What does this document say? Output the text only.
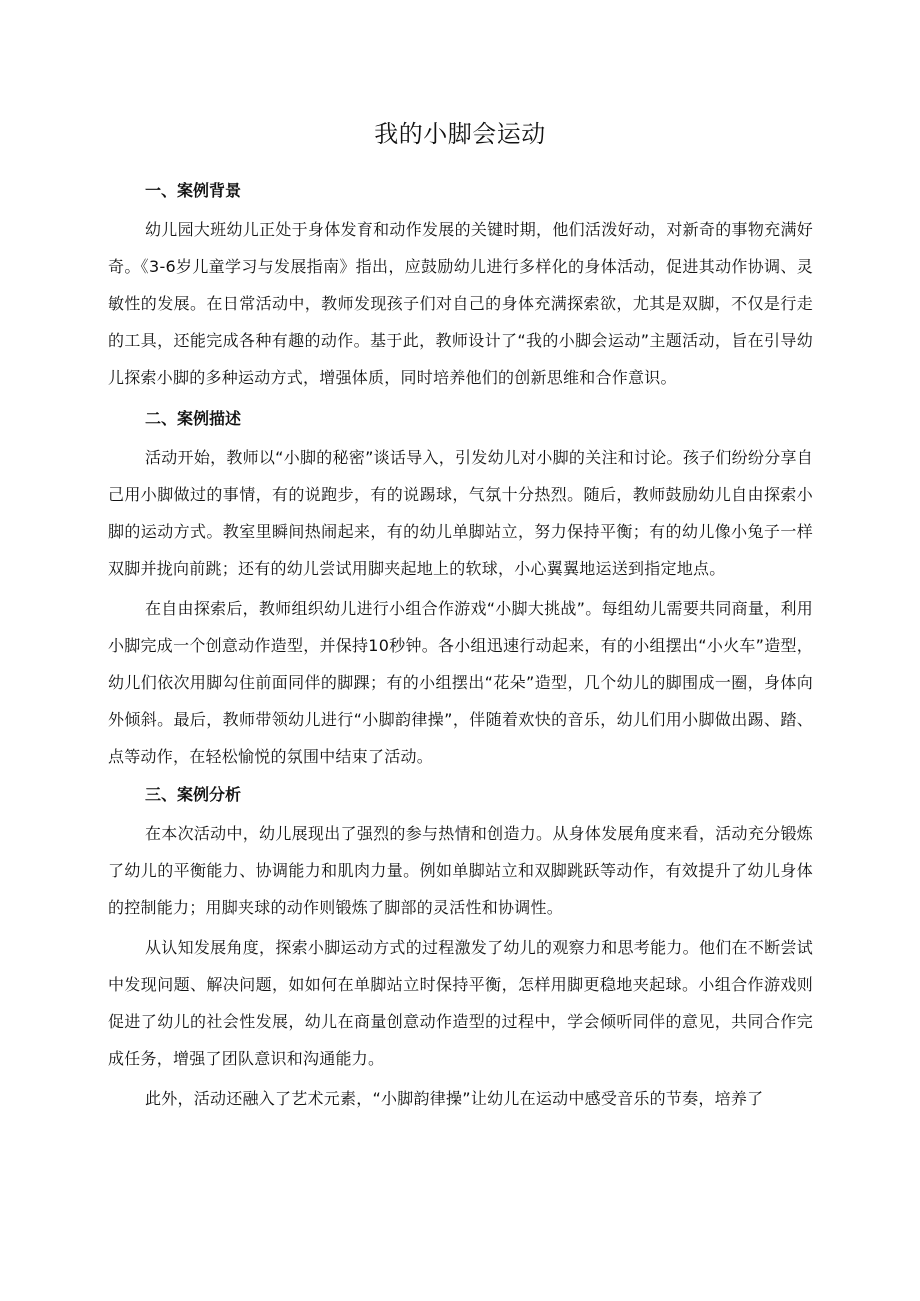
我的小脚会运动
一、案例背景

幼儿园大班幼儿正处于身体发育和动作发展的关键时期，他们活泼好动，对新奇的事物充满好奇。《3-6岁儿童学习与发展指南》指出，应鼓励幼儿进行多样化的身体活动，促进其动作协调、灵敏性的发展。在日常活动中，教师发现孩子们对自己的身体充满探索欲，尤其是双脚，不仅是行走的工具，还能完成各种有趣的动作。基于此，教师设计了“我的小脚会运动”主题活动，旨在引导幼儿探索小脚的多种运动方式，增强体质，同时培养他们的创新思维和合作意识。

二、案例描述

活动开始，教师以“小脚的秘密”谈话导入，引发幼儿对小脚的关注和讨论。孩子们纷纷分享自己用小脚做过的事情，有的说跑步，有的说踢球，气氛十分热烈。随后，教师鼓励幼儿自由探索小脚的运动方式。教室里瞬间热闹起来，有的幼儿单脚站立，努力保持平衡；有的幼儿像小兔子一样双脚并拢向前跳；还有的幼儿尝试用脚夹起地上的软球，小心翼翼地运送到指定地点。

在自由探索后，教师组织幼儿进行小组合作游戏“小脚大挑战”。每组幼儿需要共同商量，利用小脚完成一个创意动作造型，并保持10秒钟。各小组迅速行动起来，有的小组摆出“小火车”造型，幼儿们依次用脚勾住前面同伴的脚踝；有的小组摆出“花朵”造型，几个幼儿的脚围成一圈，身体向外倾斜。最后，教师带领幼儿进行“小脚韵律操”，伴随着欢快的音乐，幼儿们用小脚做出踢、踏、点等动作，在轻松愉悦的氛围中结束了活动。

三、案例分析

在本次活动中，幼儿展现出了强烈的参与热情和创造力。从身体发展角度来看，活动充分锻炼了幼儿的平衡能力、协调能力和肌肉力量。例如单脚站立和双脚跳跃等动作，有效提升了幼儿身体的控制能力；用脚夹球的动作则锻炼了脚部的灵活性和协调性。

从认知发展角度，探索小脚运动方式的过程激发了幼儿的观察力和思考能力。他们在不断尝试中发现问题、解决问题，如如何在单脚站立时保持平衡，怎样用脚更稳地夹起球。小组合作游戏则促进了幼儿的社会性发展，幼儿在商量创意动作造型的过程中，学会倾听同伴的意见，共同合作完成任务，增强了团队意识和沟通能力。

此外，活动还融入了艺术元素，“小脚韵律操”让幼儿在运动中感受音乐的节奏，培养了
